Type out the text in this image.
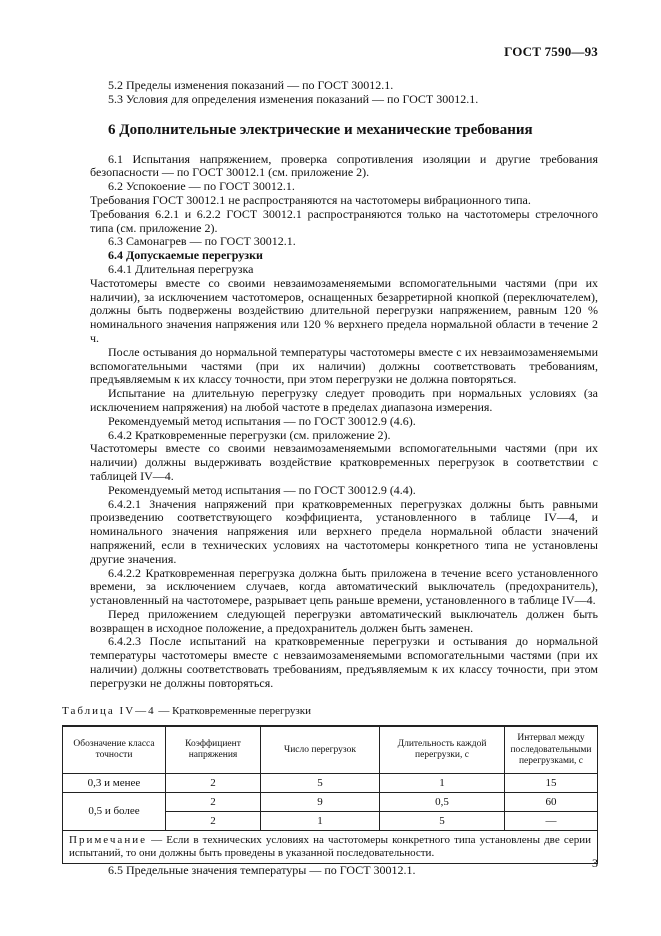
ГОСТ 7590—93

5.2 Пределы изменения показаний — по ГОСТ 30012.1.

5.3 Условия для определения изменения показаний — по ГОСТ 30012.1.

6 Дополнительные электрические и механические требования

6.1 Испытания напряжением, проверка сопротивления изоляции и другие требования безопасности — по ГОСТ 30012.1 (см. приложение 2).

6.2 Успокоение — по ГОСТ 30012.1.

Требования ГОСТ 30012.1 не распространяются на частотомеры вибрационного типа.

Требования 6.2.1 и 6.2.2 ГОСТ 30012.1 распространяются только на частотомеры стрелочного типа (см. приложение 2).

6.3 Самонагрев — по ГОСТ 30012.1.

6.4 Допускаемые перегрузки

6.4.1 Длительная перегрузка

Частотомеры вместе со своими невзаимозаменяемыми вспомогательными частями (при их наличии), за исключением частотомеров, оснащенных безарретирной кнопкой (переключателем), должны быть подвержены воздействию длительной перегрузки напряжением, равным 120 % номинального значения напряжения или 120 % верхнего предела нормальной области в течение 2 ч.

После остывания до нормальной температуры частотомеры вместе с их невзаимозаменяемыми вспомогательными частями (при их наличии) должны соответствовать требованиям, предъявляемым к их классу точности, при этом перегрузки не должна повторяться.

Испытание на длительную перегрузку следует проводить при нормальных условиях (за исключением напряжения) на любой частоте в пределах диапазона измерения.

Рекомендуемый метод испытания — по ГОСТ 30012.9 (4.6).

6.4.2 Кратковременные перегрузки (см. приложение 2).

Частотомеры вместе со своими невзаимозаменяемыми вспомогательными частями (при их наличии) должны выдерживать воздействие кратковременных перегрузок в соответствии с таблицей IV—4.

Рекомендуемый метод испытания — по ГОСТ 30012.9 (4.4).

6.4.2.1 Значения напряжений при кратковременных перегрузках должны быть равными произведению соответствующего коэффициента, установленного в таблице IV—4, и номинального значения напряжения или верхнего предела нормальной области значений напряжений, если в технических условиях на частотомеры конкретного типа не установлены другие значения.

6.4.2.2 Кратковременная перегрузка должна быть приложена в течение всего установленного времени, за исключением случаев, когда автоматический выключатель (предохранитель), установленный на частотомере, разрывает цепь раньше времени, установленного в таблице IV—4.

Перед приложением следующей перегрузки автоматический выключатель должен быть возвращен в исходное положение, а предохранитель должен быть заменен.

6.4.2.3 После испытаний на кратковременные перегрузки и остывания до нормальной температуры частотомеры вместе с невзаимозаменяемыми вспомогательными частями (при их наличии) должны соответствовать требованиям, предъявляемым к их классу точности, при этом перегрузки не должны повторяться.

Таблица IV—4 — Кратковременные перегрузки
Обозначение класса точности	Коэффициент напряжения	Число перегрузок	Длительность каждой перегрузки, с	Интервал между последовательными перегрузками, с
0,3 и менее	2	5	1	15
0,5 и более	2	9	0,5	60
	2	1	5	—
Примечание — Если в технических условиях на частотомеры конкретного типа установлены две серии испытаний, то они должны быть проведены в указанной последовательности.				

6.5 Предельные значения температуры — по ГОСТ 30012.1.

3
